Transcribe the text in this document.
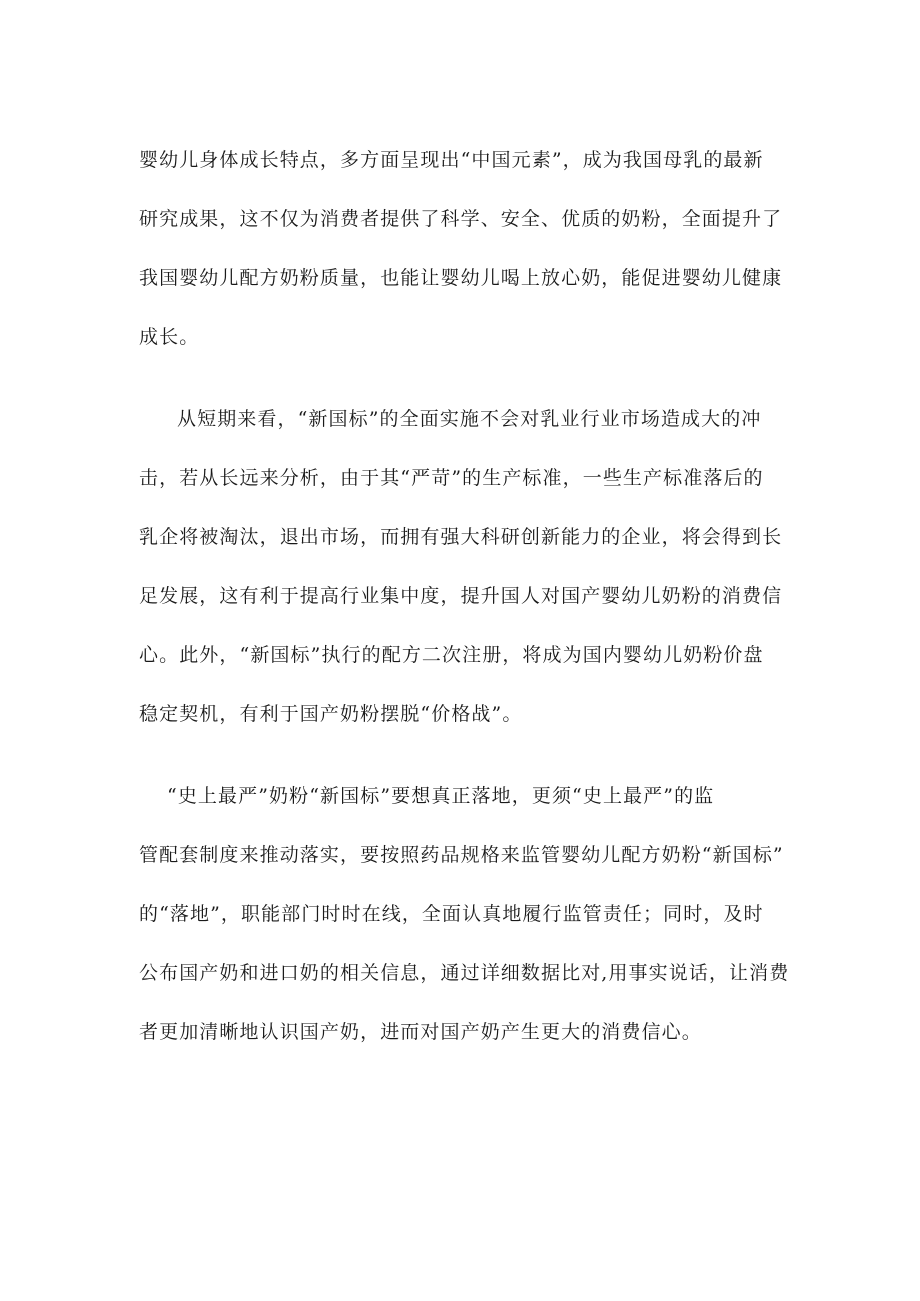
婴幼儿身体成长特点，多方面呈现出“中国元素”，成为我国母乳的最新
研究成果，这不仅为消费者提供了科学、安全、优质的奶粉，全面提升了
我国婴幼儿配方奶粉质量，也能让婴幼儿喝上放心奶，能促进婴幼儿健康
成长。
从短期来看，“新国标”的全面实施不会对乳业行业市场造成大的冲
击，若从长远来分析，由于其“严苛”的生产标准，一些生产标准落后的
乳企将被淘汰，退出市场，而拥有强大科研创新能力的企业，将会得到长
足发展，这有利于提高行业集中度，提升国人对国产婴幼儿奶粉的消费信
心。此外，“新国标”执行的配方二次注册，将成为国内婴幼儿奶粉价盘
稳定契机，有利于国产奶粉摆脱“价格战”。
“史上最严”奶粉“新国标”要想真正落地，更须“史上最严”的监
管配套制度来推动落实，要按照药品规格来监管婴幼儿配方奶粉“新国标”
的“落地”，职能部门时时在线，全面认真地履行监管责任；同时，及时
公布国产奶和进口奶的相关信息，通过详细数据比对,用事实说话，让消费
者更加清晰地认识国产奶，进而对国产奶产生更大的消费信心。
